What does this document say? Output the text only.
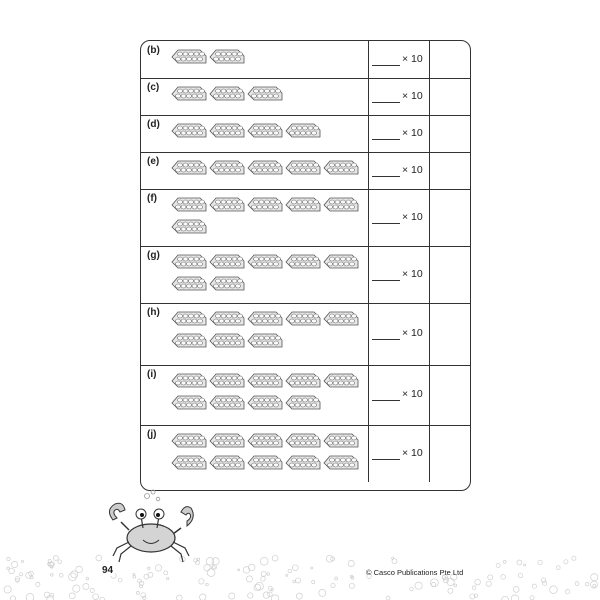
(b)
× 10
(c)
× 10
(d)
× 10
(e)
× 10
(f)
× 10
(g)
× 10
(h)
× 10
(i)
× 10
(j)
× 10
94	© Casco Publications Pte Ltd
